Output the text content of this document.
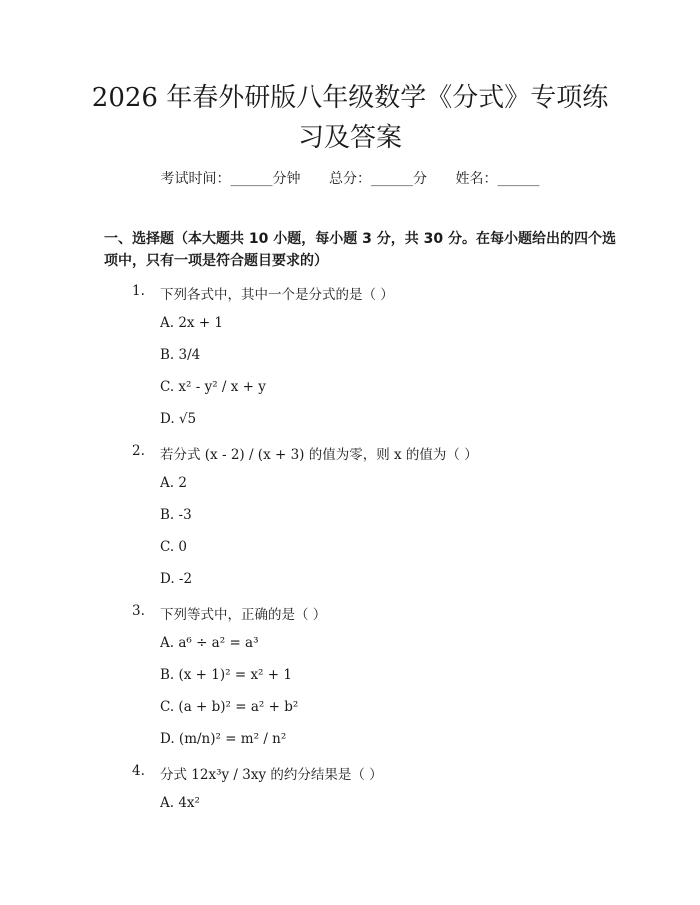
2026 年春外研版八年级数学《分式》专项练
习及答案
考试时间：______分钟 总分：______分 姓名：______
一、选择题（本大题共 10 小题，每小题 3 分，共 30 分。在每小题给出的四个选项中，只有一项是符合题目要求的）
1. 下列各式中，其中一个是分式的是（ ）
A. 2x + 1
B. 3/4
C. x² - y² / x + y
D. √5
2. 若分式 (x - 2) / (x + 3) 的值为零，则 x 的值为（ ）
A. 2
B. -3
C. 0
D. -2
3. 下列等式中，正确的是（ ）
A. a⁶ ÷ a² = a³
B. (x + 1)² = x² + 1
C. (a + b)² = a² + b²
D. (m/n)² = m² / n²
4. 分式 12x³y / 3xy 的约分结果是（ ）
A. 4x²
